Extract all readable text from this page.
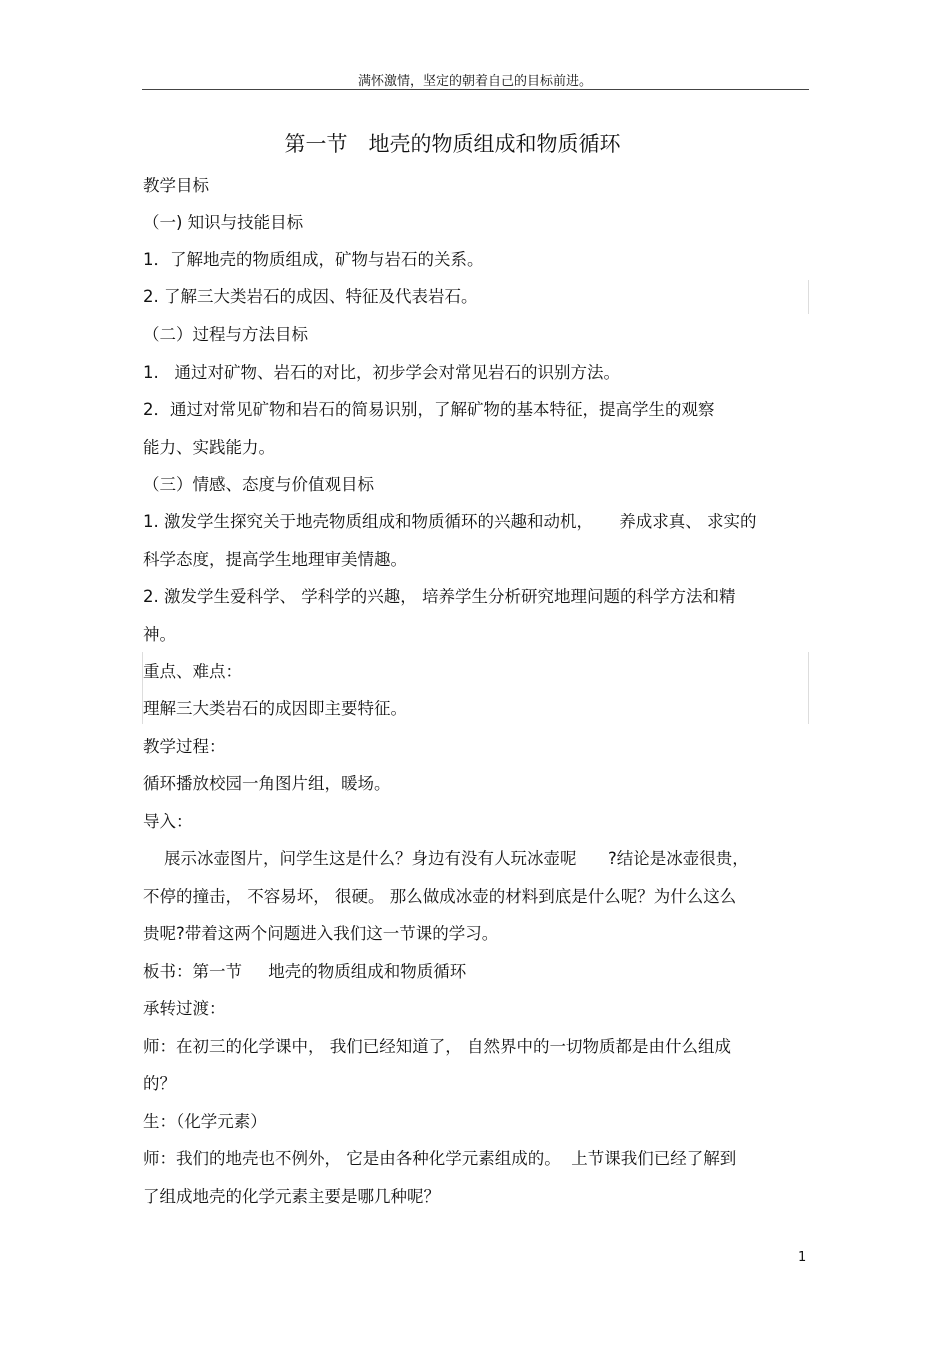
满怀激情，坚定的朝着自己的目标前进。
第一节　地壳的物质组成和物质循环
教学目标
（一) 知识与技能目标
1．了解地壳的物质组成，矿物与岩石的关系。
2. 了解三大类岩石的成因、特征及代表岩石。
（二）过程与方法目标
1.   通过对矿物、岩石的对比，初步学会对常见岩石的识别方法。
2．通过对常见矿物和岩石的简易识别，了解矿物的基本特征，提高学生的观察
能力、实践能力。
（三）情感、态度与价值观目标
1. 激发学生探究关于地壳物质组成和物质循环的兴趣和动机，     养成求真、 求实的
科学态度，提高学生地理审美情趣。
2. 激发学生爱科学、 学科学的兴趣， 培养学生分析研究地理问题的科学方法和精
神。
重点、难点：
理解三大类岩石的成因即主要特征。
教学过程：
循环播放校园一角图片组，暖场。
导入：
展示冰壶图片，问学生这是什么？身边有没有人玩冰壶呢      ?结论是冰壶很贵，
不停的撞击， 不容易坏， 很硬。 那么做成冰壶的材料到底是什么呢？为什么这么
贵呢?带着这两个问题进入我们这一节课的学习。
板书：第一节     地壳的物质组成和物质循环
承转过渡：
师：在初三的化学课中， 我们已经知道了， 自然界中的一切物质都是由什么组成
的？
生：（化学元素）
师：我们的地壳也不例外， 它是由各种化学元素组成的。  上节课我们已经了解到
了组成地壳的化学元素主要是哪几种呢？
1
